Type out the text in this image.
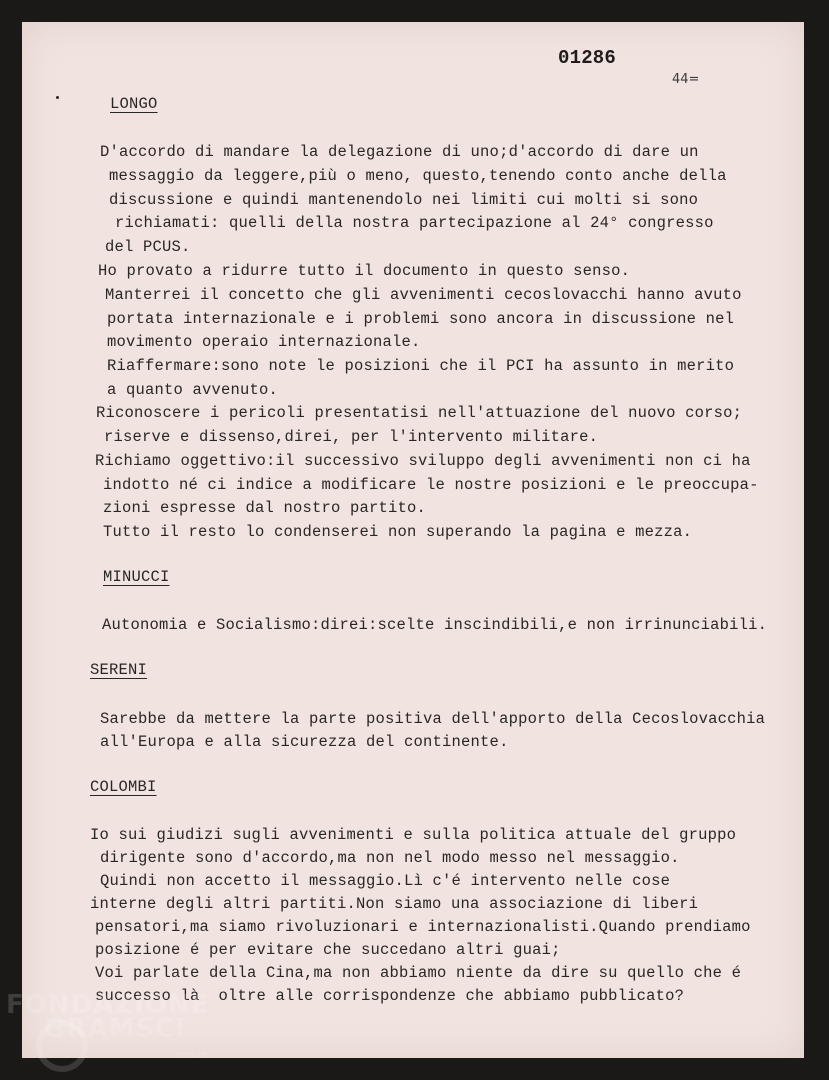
01286
44=
LONGO
D'accordo di mandare la delegazione di uno;d'accordo di dare un
messaggio da leggere,più o meno, questo,tenendo conto anche della
discussione e quindi mantenendolo nei limiti cui molti si sono
richiamati: quelli della nostra partecipazione al 24° congresso
del PCUS.
Ho provato a ridurre tutto il documento in questo senso.
Manterrei il concetto che gli avvenimenti cecoslovacchi hanno avuto
portata internazionale e i problemi sono ancora in discussione nel
movimento operaio internazionale.
Riaffermare:sono note le posizioni che il PCI ha assunto in merito
a quanto avvenuto.
Riconoscere i pericoli presentatisi nell'attuazione del nuovo corso;
riserve e dissenso,direi, per l'intervento militare.
Richiamo oggettivo:il successivo sviluppo degli avvenimenti non ci ha
indotto né ci indice a modificare le nostre posizioni e le preoccupa-
zioni espresse dal nostro partito.
Tutto il resto lo condenserei non superando la pagina e mezza.
MINUCCI
Autonomia e Socialismo:direi:scelte inscindibili,e non irrinunciabili.
SERENI
Sarebbe da mettere la parte positiva dell'apporto della Cecoslovacchia
all'Europa e alla sicurezza del continente.
COLOMBI
Io sui giudizi sugli avvenimenti e sulla politica attuale del gruppo
dirigente sono d'accordo,ma non nel modo messo nel messaggio.
Quindi non accetto il messaggio.Lì c'é intervento nelle cose
interne degli altri partiti.Non siamo una associazione di liberi
pensatori,ma siamo rivoluzionari e internazionalisti.Quando prendiamo
posizione é per evitare che succedano altri guai;
Voi parlate della Cina,ma non abbiamo niente da dire su quello che é
successo là  oltre alle corrispondenze che abbiamo pubblicato?
FONDAZIONE
GRAMSCI
onlus
